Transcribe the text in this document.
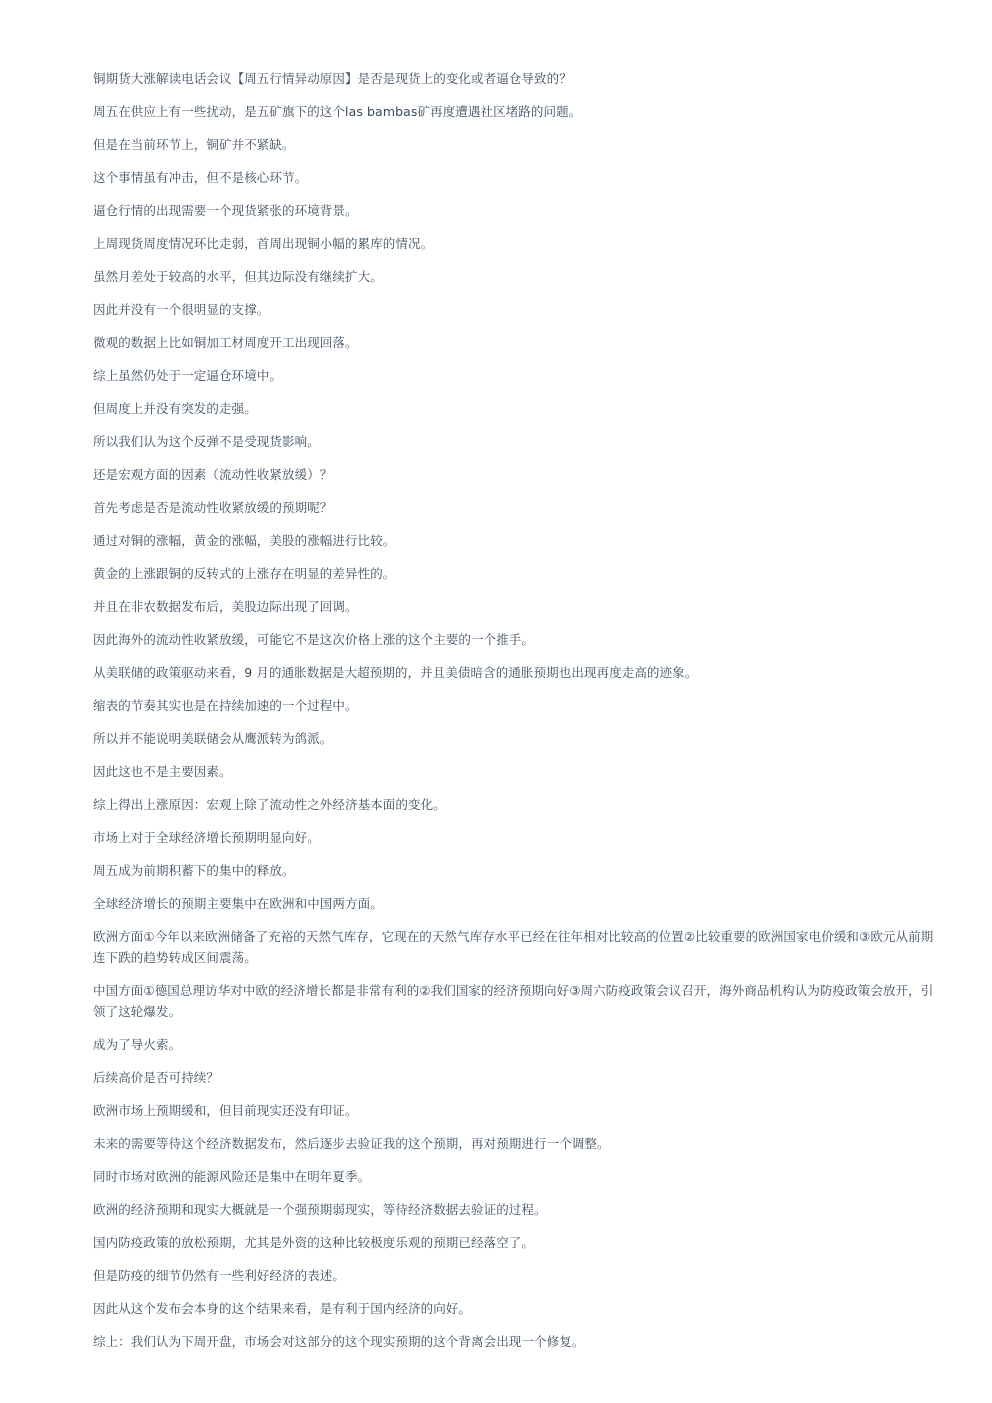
铜期货大涨解读电话会议【周五行情异动原因】是否是现货上的变化或者逼仓导致的？

周五在供应上有一些扰动，是五矿旗下的这个las bambas矿再度遭遇社区堵路的问题。

但是在当前环节上，铜矿并不紧缺。

这个事情虽有冲击，但不是核心环节。

逼仓行情的出现需要一个现货紧张的环境背景。

上周现货周度情况环比走弱，首周出现铜小幅的累库的情况。

虽然月差处于较高的水平，但其边际没有继续扩大。

因此并没有一个很明显的支撑。

微观的数据上比如铜加工材周度开工出现回落。

综上虽然仍处于一定逼仓环境中。

但周度上并没有突发的走强。

所以我们认为这个反弹不是受现货影响。

还是宏观方面的因素（流动性收紧放缓）？

首先考虑是否是流动性收紧放缓的预期呢？

通过对铜的涨幅，黄金的涨幅，美股的涨幅进行比较。

黄金的上涨跟铜的反转式的上涨存在明显的差异性的。

并且在非农数据发布后，美股边际出现了回调。

因此海外的流动性收紧放缓，可能它不是这次价格上涨的这个主要的一个推手。

从美联储的政策驱动来看，9 月的通胀数据是大超预期的，并且美债暗含的通胀预期也出现再度走高的迹象。

缩表的节奏其实也是在持续加速的一个过程中。

所以并不能说明美联储会从鹰派转为鸽派。

因此这也不是主要因素。

综上得出上涨原因：宏观上除了流动性之外经济基本面的变化。

市场上对于全球经济增长预期明显向好。

周五成为前期积蓄下的集中的释放。

全球经济增长的预期主要集中在欧洲和中国两方面。

欧洲方面①今年以来欧洲储备了充裕的天然气库存，它现在的天然气库存水平已经在往年相对比较高的位置②比较重要的欧洲国家电价缓和③欧元从前期连下跌的趋势转成区间震荡。

中国方面①德国总理访华对中欧的经济增长都是非常有利的②我们国家的经济预期向好③周六防疫政策会议召开，海外商品机构认为防疫政策会放开，引领了这轮爆发。

成为了导火索。

后续高价是否可持续？

欧洲市场上预期缓和，但目前现实还没有印证。

未来的需要等待这个经济数据发布，然后逐步去验证我的这个预期，再对预期进行一个调整。

同时市场对欧洲的能源风险还是集中在明年夏季。

欧洲的经济预期和现实大概就是一个强预期弱现实，等待经济数据去验证的过程。

国内防疫政策的放松预期，尤其是外资的这种比较极度乐观的预期已经落空了。

但是防疫的细节仍然有一些利好经济的表述。

因此从这个发布会本身的这个结果来看，是有利于国内经济的向好。

综上：我们认为下周开盘，市场会对这部分的这个现实预期的这个背离会出现一个修复。
